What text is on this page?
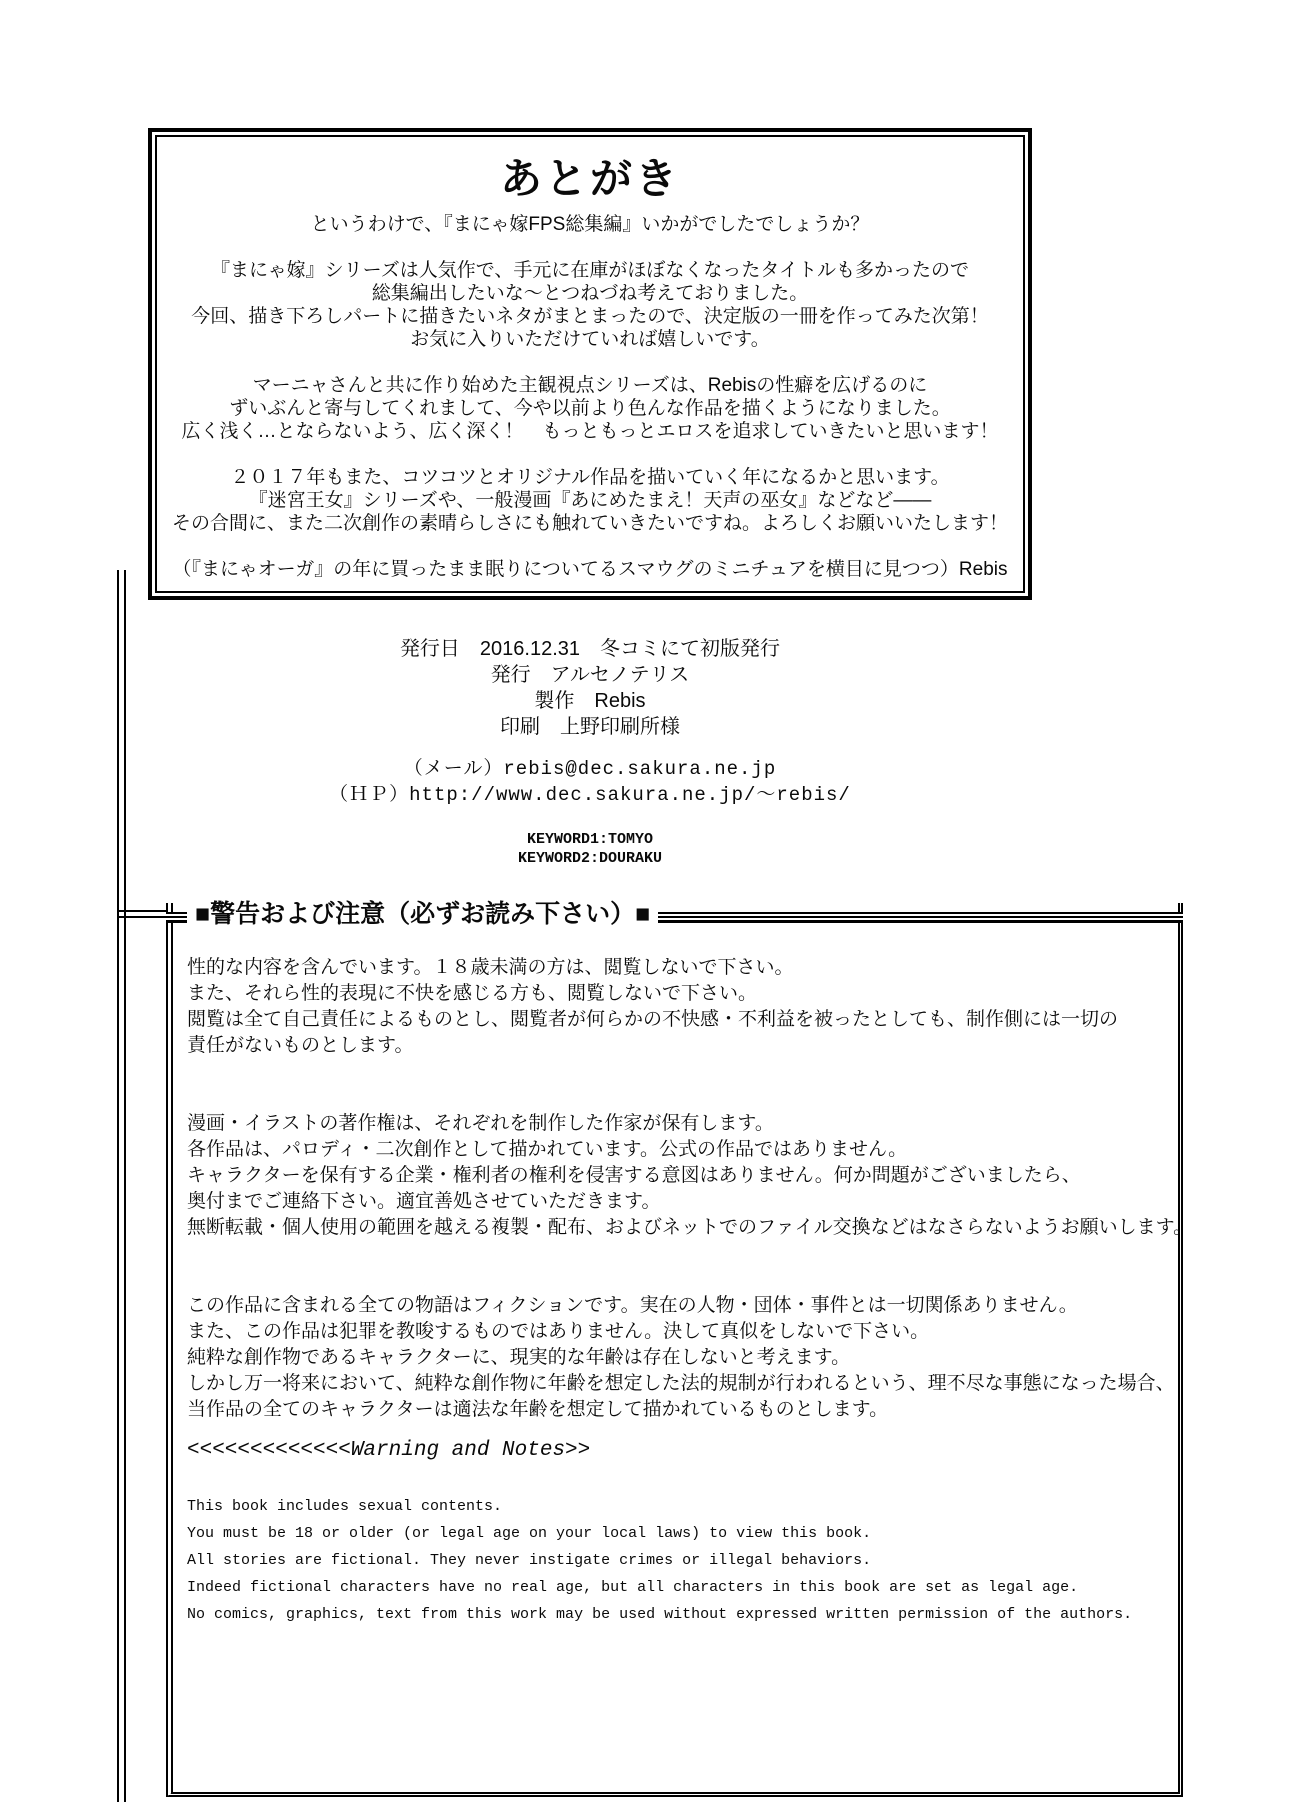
あとがき
というわけで、『まにゃ嫁FPS総集編』いかがでしたでしょうか？

『まにゃ嫁』シリーズは人気作で、手元に在庫がほぼなくなったタイトルも多かったので
総集編出したいな～とつねづね考えておりました。
今回、描き下ろしパートに描きたいネタがまとまったので、決定版の一冊を作ってみた次第！
お気に入りいただけていれば嬉しいです。

マーニャさんと共に作り始めた主観視点シリーズは、Rebisの性癖を広げるのに
ずいぶんと寄与してくれまして、今や以前より色んな作品を描くようになりました。
広く浅く…とならないよう、広く深く！　もっともっとエロスを追求していきたいと思います！

２０１７年もまた、コツコツとオリジナル作品を描いていく年になるかと思います。
『迷宮王女』シリーズや、一般漫画『あにめたまえ！天声の巫女』などなど――
その合間に、また二次創作の素晴らしさにも触れていきたいですね。よろしくお願いいたします！

（『まにゃオーガ』の年に買ったまま眠りについてるスマウグのミニチュアを横目に見つつ）Rebis
発行日　2016.12.31　冬コミにて初版発行
発行　アルセノテリス
製作　Rebis
印刷　上野印刷所様
（メール）rebis@dec.sakura.ne.jp
（ＨＰ）http://www.dec.sakura.ne.jp/～rebis/
KEYWORD1:TOMYO
KEYWORD2:DOURAKU
■警告および注意（必ずお読み下さい）■
性的な内容を含んでいます。１８歳未満の方は、閲覧しないで下さい。
また、それら性的表現に不快を感じる方も、閲覧しないで下さい。
閲覧は全て自己責任によるものとし、閲覧者が何らかの不快感・不利益を被ったとしても、制作側には一切の
責任がないものとします。

漫画・イラストの著作権は、それぞれを制作した作家が保有します。
各作品は、パロディ・二次創作として描かれています。公式の作品ではありません。
キャラクターを保有する企業・権利者の権利を侵害する意図はありません。何か問題がございましたら、
奥付までご連絡下さい。適宜善処させていただきます。
無断転載・個人使用の範囲を越える複製・配布、およびネットでのファイル交換などはなさらないようお願いします。

この作品に含まれる全ての物語はフィクションです。実在の人物・団体・事件とは一切関係ありません。
また、この作品は犯罪を教唆するものではありません。決して真似をしないで下さい。
純粋な創作物であるキャラクターに、現実的な年齢は存在しないと考えます。
しかし万一将来において、純粋な創作物に年齢を想定した法的規制が行われるという、理不尽な事態になった場合、
当作品の全てのキャラクターは適法な年齢を想定して描かれているものとします。
<<<<<<<<<<<<<Warning and Notes>>
This book includes sexual contents.
You must be 18 or older (or legal age on your local laws) to view this book.
All stories are fictional. They never instigate crimes or illegal behaviors.
Indeed fictional characters have no real age, but all characters in this book are set as legal age.
No comics, graphics, text from this work may be used without expressed written permission of the authors.
